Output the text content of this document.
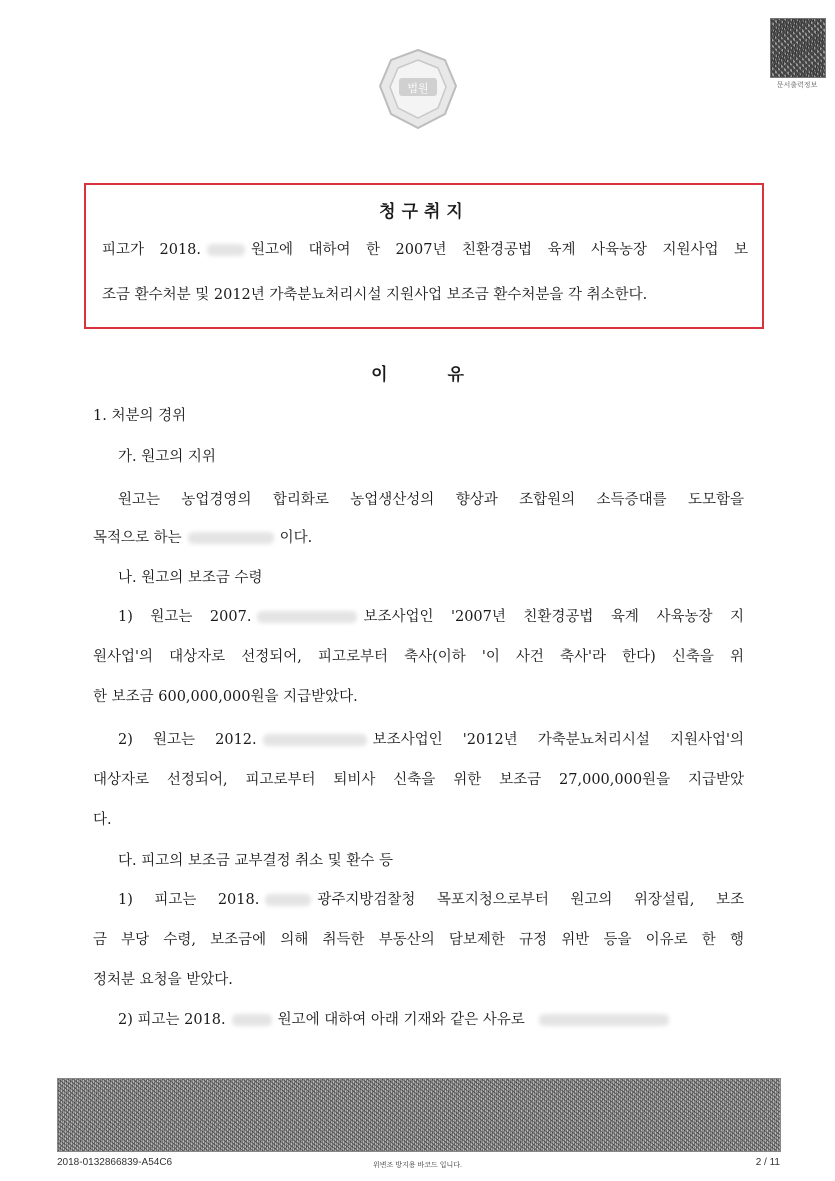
법원	문서출력정보
청구취지
피고가 2018.	원고에 대하여 한 2007년 친환경공법 육계 사육농장 지원사업 보
조금 환수처분 및 2012년 가축분뇨처리시설 지원사업 보조금 환수처분을 각 취소한다.
이	유
1. 처분의 경위
가. 원고의 지위
원고는 농업경영의 합리화로 농업생산성의 향상과 조합원의 소득증대를 도모함을
목적으로 하는	이다.
나. 원고의 보조금 수령
1) 원고는 2007.	보조사업인 '2007년 친환경공법 육계 사육농장 지
원사업'의 대상자로 선정되어, 피고로부터 축사(이하 '이 사건 축사'라 한다) 신축을 위
한 보조금 600,000,000원을 지급받았다.
2) 원고는 2012.	보조사업인 '2012년 가축분뇨처리시설 지원사업'의
대상자로 선정되어, 피고로부터 퇴비사 신축을 위한 보조금 27,000,000원을 지급받았
다.
다. 피고의 보조금 교부결정 취소 및 환수 등
1) 피고는 2018.	광주지방검찰청 목포지청으로부터 원고의 위장설립, 보조
금 부당 수령, 보조금에 의해 취득한 부동산의 담보제한 규정 위반 등을 이유로 한 행
정처분 요청을 받았다.
2) 피고는 2018.	원고에 대하여 아래 기재와 같은 사유로
2018-0132866839-A54C6	위변조 방지용 바코드 입니다.	2 / 11
